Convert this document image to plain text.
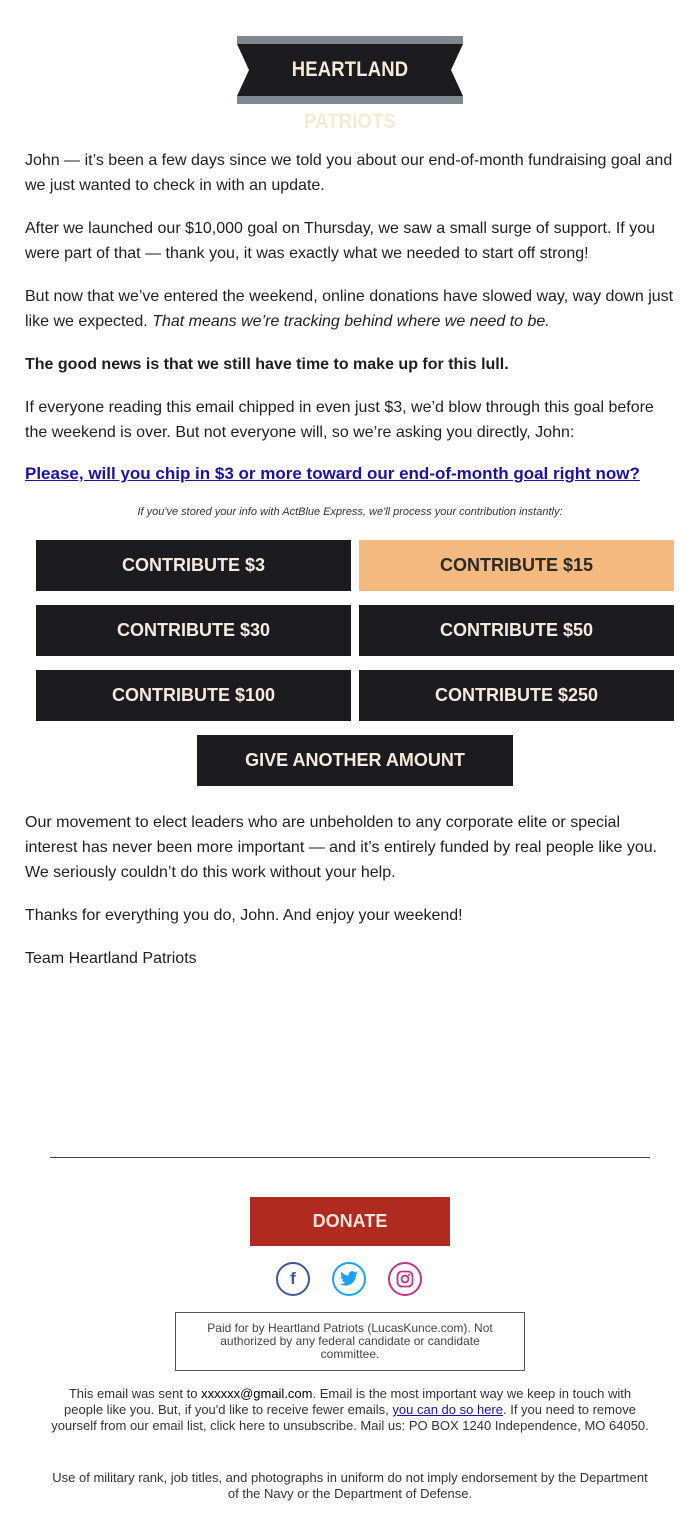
HEARTLAND PATRIOTS

John — it’s been a few days since we told you about our end-of-month fundraising goal and we just wanted to check in with an update.

After we launched our $10,000 goal on Thursday, we saw a small surge of support. If you were part of that — thank you, it was exactly what we needed to start off strong!

But now that we’ve entered the weekend, online donations have slowed way, way down just like we expected. That means we’re tracking behind where we need to be.

The good news is that we still have time to make up for this lull.

If everyone reading this email chipped in even just $3, we’d blow through this goal before the weekend is over. But not everyone will, so we’re asking you directly, John:

Please, will you chip in $3 or more toward our end-of-month goal right now?
If you've stored your info with ActBlue Express, we'll process your contribution instantly:
CONTRIBUTE $3	CONTRIBUTE $15
CONTRIBUTE $30	CONTRIBUTE $50
CONTRIBUTE $100	CONTRIBUTE $250
GIVE ANOTHER AMOUNT

Our movement to elect leaders who are unbeholden to any corporate elite or special interest has never been more important — and it’s entirely funded by real people like you. We seriously couldn’t do this work without your help.

Thanks for everything you do, John. And enjoy your weekend!

Team Heartland Patriots

DONATE
f
Paid for by Heartland Patriots (LucasKunce.com). Not authorized by any federal candidate or candidate committee.
This email was sent to xxxxxx@gmail.com. Email is the most important way we keep in touch with people like you. But, if you'd like to receive fewer emails, you can do so here. If you need to remove yourself from our email list, click here to unsubscribe. Mail us: PO BOX 1240 Independence, MO 64050.
Use of military rank, job titles, and photographs in uniform do not imply endorsement by the Department of the Navy or the Department of Defense.
